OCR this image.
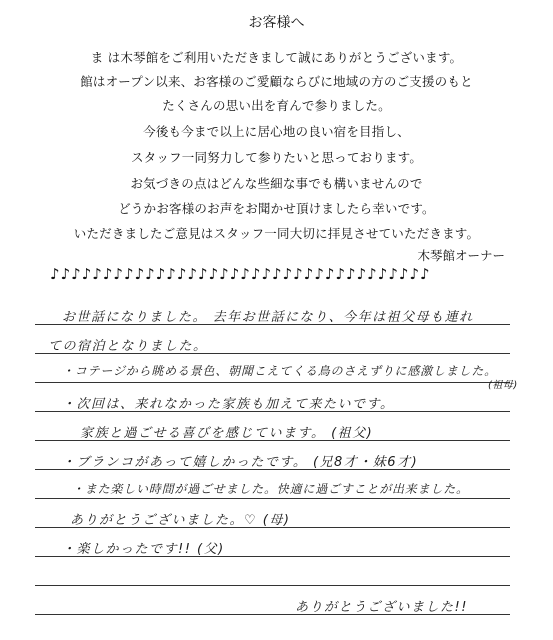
お客様へ
ま は木琴館をご利用いただきまして誠にありがとうございます。
館はオープン以来、お客様のご愛顧ならびに地域の方のご支援のもと
たくさんの思い出を育んで参りました。
今後も今まで以上に居心地の良い宿を目指し、
スタッフ一同努力して参りたいと思っております。
お気づきの点はどんな些細な事でも構いませんので
どうかお客様のお声をお聞かせ頂けましたら幸いです。
いただきましたご意見はスタッフ一同大切に拝見させていただきます。
木琴館オーナー
♪♪♪♪♪♪♪♪♪♪♪♪♪♪♪♪♪♪♪♪♪♪♪♪♪♪♪♪♪♪♪♪♪♪♪♪
お世話になりました。 去年お世話になり、今年は祖父母も連れ
ての宿泊となりました。
・コテージから眺める景色、朝聞こえてくる鳥のさえずりに感激しました。
(祖母)
・次回は、来れなかった家族も加えて来たいです。
家族と過ごせる喜びを感じています。 (祖父)
・ブランコがあって嬉しかったです。 (兄8才・妹6才)
・また楽しい時間が過ごせました。快適に過ごすことが出来ました。
ありがとうございました。♡ (母)
・楽しかったです!! (父)
ありがとうございました!!
